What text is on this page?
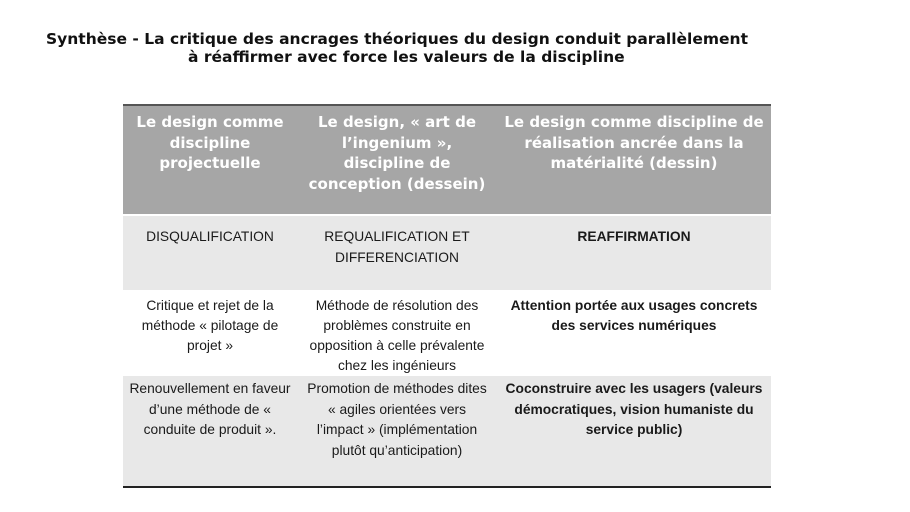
Synthèse - La critique des ancrages théoriques du design conduit parallèlement
à réaffirmer avec force les valeurs de la discipline
Le design comme discipline projectuelle	Le design, « art de l’ingenium », discipline de conception (dessein)	Le design comme discipline de réalisation ancrée dans la matérialité (dessin)
DISQUALIFICATION	REQUALIFICATION ET DIFFERENCIATION	REAFFIRMATION
Critique et rejet de la méthode « pilotage de projet »	Méthode de résolution des problèmes construite en opposition à celle prévalente chez les ingénieurs	Attention portée aux usages concrets des services numériques
Renouvellement en faveur d’une méthode de « conduite de produit ».	Promotion de méthodes dites « agiles orientées vers l’impact » (implémentation plutôt qu’anticipation)	Coconstruire avec les usagers (valeurs démocratiques, vision humaniste du service public)
